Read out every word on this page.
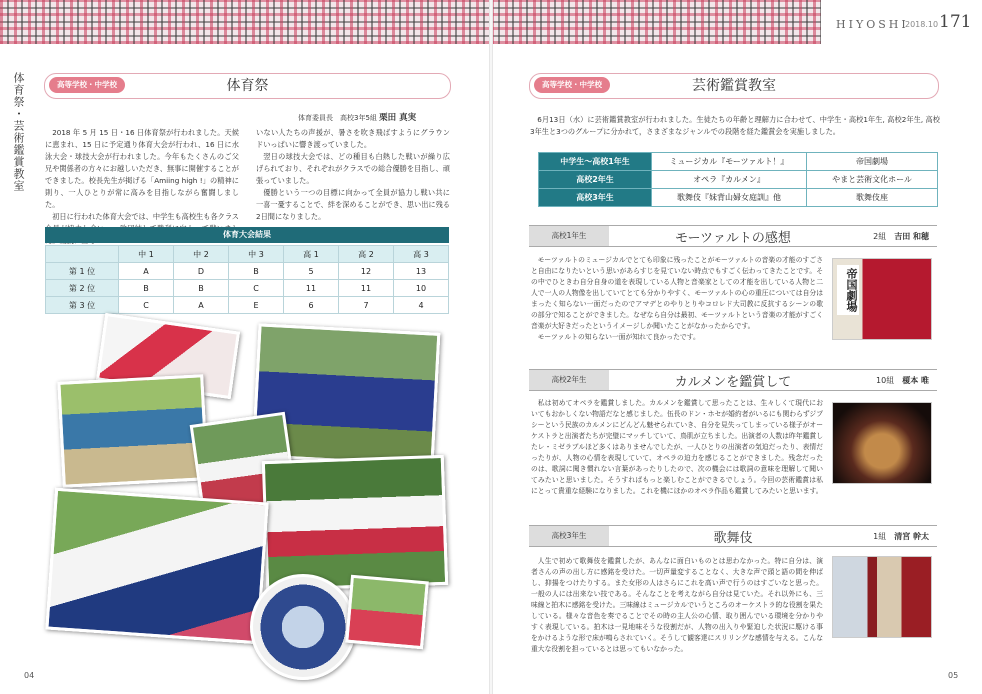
HIYOSHI
2018.10 171
体育祭・芸術鑑賞教室	高等学校・中学校	体育祭
体育委員長　高校3年5組 栗田 真実

2018 年 5 月 15 日・16 日体育祭が行われました。天候に恵まれ、15 日に予定通り体育大会が行われ、16 日に水泳大会・球技大会が行われました。今年もたくさんのご父兄や関係者の方々にお越しいただき、無事に開催することができました。校長先生が掲げる「Amiing high !」の精神に則り、一人ひとりが常に高みを目指しながら奮闘しました。

初日に行われた体育大会では、中学生も高校生も各クラス

いない人たちの声援が、暑さを吹き飛ばすようにグラウンドいっぱいに響き渡っていました。

翌日の球技大会では、どの種目も白熱した戦いが繰り広げられており、それぞれがクラスでの総合優勝を目指し、頑張っていました。

優勝という一つの目標に向かって全員が協力し戦い共に一喜一憂することで、絆を深めることができ、思い出に残る2日間になりました。

体育大会結果
	中 1	中 2	中 3	高 1	高 2	高 3
第 1 位	A	D	B	5	12	13
第 2 位	B	B	C	11	11	10
第 3 位	C	A	E	6	7	4
04
高等学校・中学校	芸術鑑賞教室

6月13日（水）に芸術鑑賞教室が行われました。生徒たちの年齢と理解力に合わせて、中学生・高校1年生, 高校2年生, 高校3年生と3つのグループに分かれて，さまざまなジャンルでの段階を経た鑑賞会を実施しました。

中学生〜高校1年生	ミュージカル『モーツァルト！』	帝国劇場
高校2年生	オペラ『カルメン』	やまと芸術文化ホール
高校3年生	歌舞伎『妹背山婦女庭訓』他	歌舞伎座
高校1年生	モーツァルトの感想	2組　 吉田 和穂

モーツァルトのミュージカルでとても印象に残ったことがモーツァルトの音楽の才能のすごさと自由になりたいという思いがあらすじを見ていない時点でもすごく伝わってきたことです。その中でひときわ自分自身の道を表現している人物と音楽家としての才能を出している人物と二人で一人の人物像を出していてとても分かりやすく、モーツァルトの心の重圧については自分はまったく知らない一面だったのでアマデとのやりとりやコロレド大司教に反抗するシーンの歌の部分で知ることができました。なぜなら自分は最初、モーツァルトという音楽の才能がすごく音楽が大好きだったというイメージしか聞いたことがなかったからです。

モーツァルトの知らない一面が知れて良かったです。

帝国劇場
高校2年生	カルメンを鑑賞して	10組　 榎本 唯

私は初めてオペラを鑑賞しました。カルメンを鑑賞して思ったことは、生々しくて現代においてもおかしくない物語だなと感じました。伍長のドン・ホセが婚約者がいるにも関わらずジプシーという民族のカルメンにどんどん魅せられていき、自分を見失ってしまっている様子がオーケストラと出演者たちが完璧にマッチしていて、鳥肌が立ちました。出演者の人数は昨年鑑賞したレ・ミゼラブルほど多くはありませんでしたが、一人ひとりの出演者の気迫だったり、表情だったりが、人物の心情を表現していて、オペラの迫力を感じることができました。残念だったのは、歌詞に聞き慣れない言葉があったりしたので、次の機会には歌詞の意味を理解して聞いてみたいと思いました。そうすればもっと楽しむことができるでしょう。今回の芸術鑑賞は私にとって貴重な経験になりました。これを機にほかのオペラ作品も鑑賞してみたいと思います。

高校3年生	歌舞伎	1組　 清宮 幹太

人生で初めて歌舞伎を鑑賞したが、あんなに面白いものとは思わなかった。特に自分は、演者さんの声の出し方に感銘を受けた。一切声量変することなく、大きな声で頭と語の間を伸ばし、抑揚をつけたりする。また女形の人はさらにこれを高い声で行うのはすごいなと思った。一般の人には出来ない技である。そんなことを考えながら自分は見ていた。それ以外にも、三味線と拍木に感銘を受けた。三味線はミュージカルでいうところのオーケストラ的な役割を果たしている。様々な音色を奏でることでその時の主人公の心情、取り囲んでいる環境を分かりやすく表現している。拍木は一見地味そうな役割だが、人物の出入りや緊迫した状況に駆ける事をかけるような形で床が鳴らされていく。そうして観客達にスリリングな感情を与える。こんな重大な役割を担っているとは思ってもいなかった。

05
